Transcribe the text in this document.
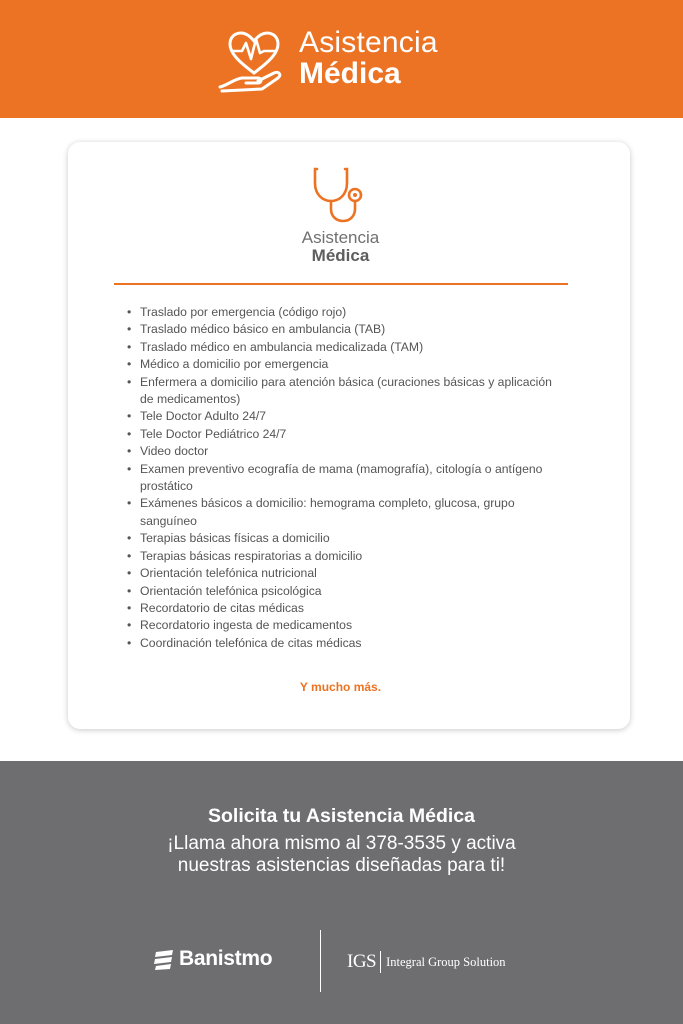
Asistencia
Médica
Asistencia
Médica
• Traslado por emergencia (código rojo)
• Traslado médico básico en ambulancia (TAB)
• Traslado médico en ambulancia medicalizada (TAM)
• Médico a domicilio por emergencia
• Enfermera a domicilio para atención básica (curaciones básicas y aplicación de medicamentos)
• Tele Doctor Adulto 24/7
• Tele Doctor Pediátrico 24/7
• Video doctor
• Examen preventivo ecografía de mama (mamografía), citología o antígeno prostático
• Exámenes básicos a domicilio: hemograma completo, glucosa, grupo sanguíneo
• Terapias básicas físicas a domicilio
• Terapias básicas respiratorias a domicilio
• Orientación telefónica nutricional
• Orientación telefónica psicológica
• Recordatorio de citas médicas
• Recordatorio ingesta de medicamentos
• Coordinación telefónica de citas médicas
Y mucho más.
Solicita tu Asistencia Médica
¡Llama ahora mismo al 378-3535 y activa
nuestras asistencias diseñadas para ti!
Banistmo	IGS Integral Group Solution
